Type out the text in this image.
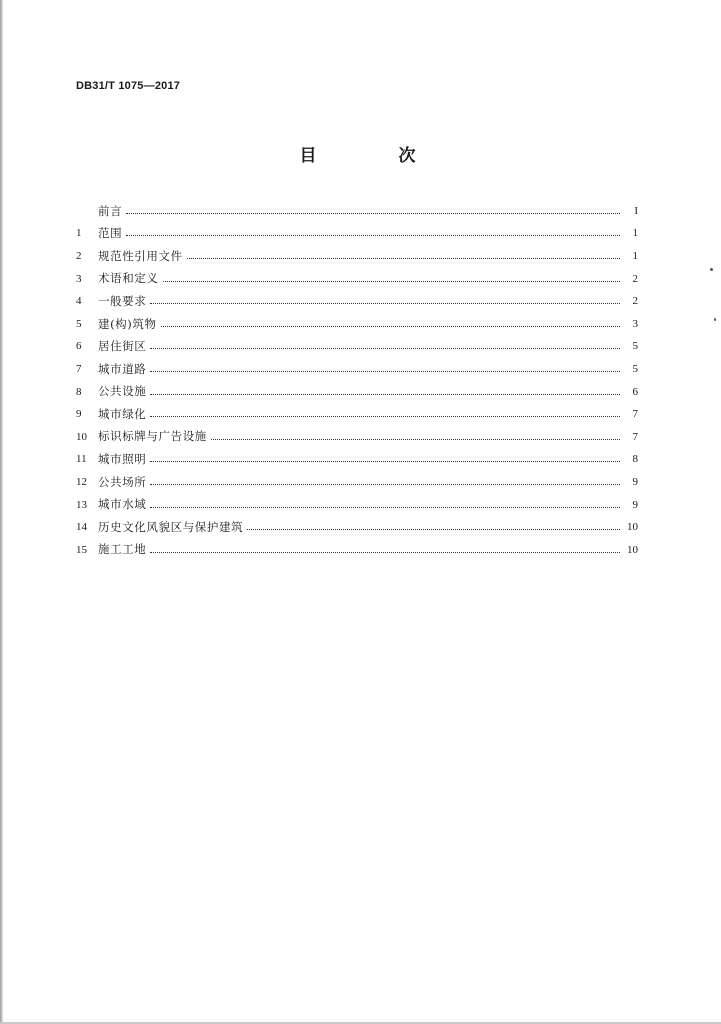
DB31/T 1075—2017
目 次
前言	I
1	范围	1
2	规范性引用文件	1
3	术语和定义	2
4	一般要求	2
5	建(构)筑物	3
6	居住街区	5
7	城市道路	5
8	公共设施	6
9	城市绿化	7
10 标识标牌与广告设施	7
11 城市照明	8
12 公共场所	9
13 城市水域	9
14 历史文化风貌区与保护建筑	10
15 施工工地	10
